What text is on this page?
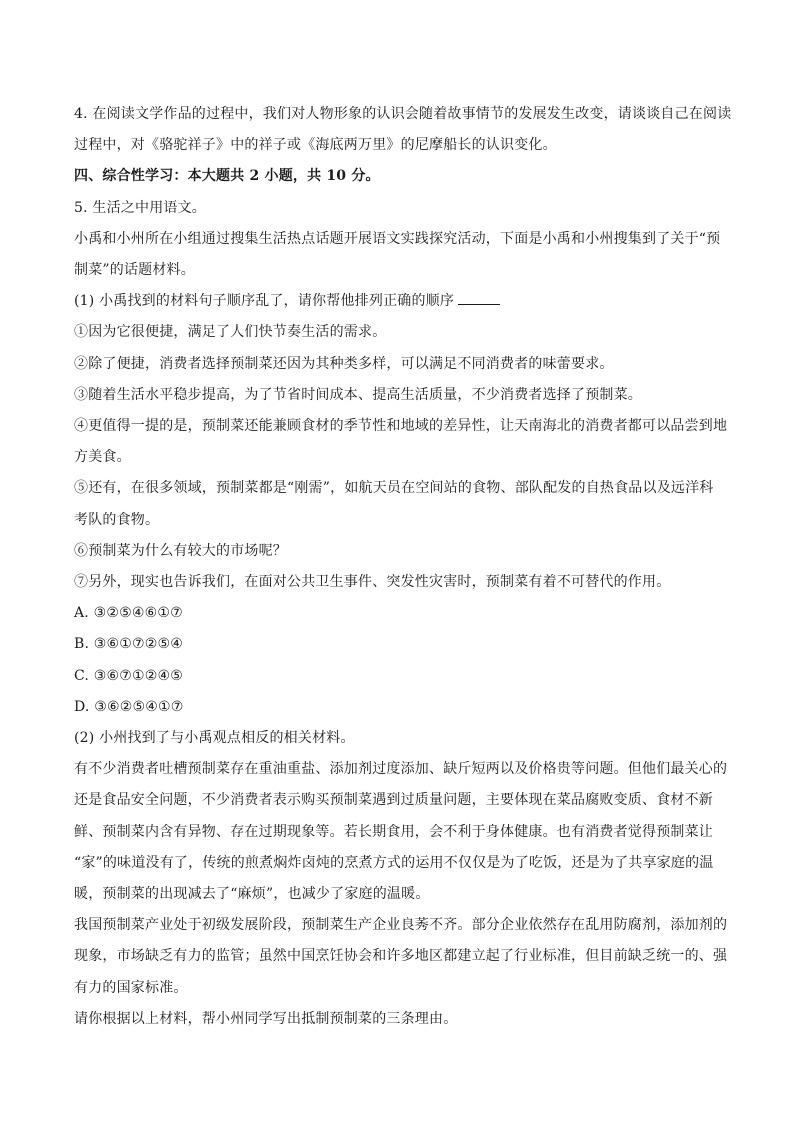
4. 在阅读文学作品的过程中，我们对人物形象的认识会随着故事情节的发展发生改变，请谈谈自己在阅读

过程中，对《骆驼祥子》中的祥子或《海底两万里》的尼摩船长的认识变化。

四、综合性学习：本大题共 2 小题，共 10 分。

5. 生活之中用语文。

小禹和小州所在小组通过搜集生活热点话题开展语文实践探究活动，下面是小禹和小州搜集到了关于“预

制菜”的话题材料。

(1) 小禹找到的材料句子顺序乱了，请你帮他排列正确的顺序

①因为它很便捷，满足了人们快节奏生活的需求。

②除了便捷，消费者选择预制菜还因为其种类多样，可以满足不同消费者的味蕾要求。

③随着生活水平稳步提高，为了节省时间成本、提高生活质量，不少消费者选择了预制菜。

④更值得一提的是，预制菜还能兼顾食材的季节性和地域的差异性，让天南海北的消费者都可以品尝到地

方美食。

⑤还有，在很多领域，预制菜都是“刚需”，如航天员在空间站的食物、部队配发的自热食品以及远洋科

考队的食物。

⑥预制菜为什么有较大的市场呢？

⑦另外，现实也告诉我们，在面对公共卫生事件、突发性灾害时，预制菜有着不可替代的作用。

A. ③②⑤④⑥①⑦

B. ③⑥①⑦②⑤④

C. ③⑥⑦①②④⑤

D. ③⑥②⑤④①⑦

(2) 小州找到了与小禹观点相反的相关材料。

有不少消费者吐槽预制菜存在重油重盐、添加剂过度添加、缺斤短两以及价格贵等问题。但他们最关心的

还是食品安全问题，不少消费者表示购买预制菜遇到过质量问题，主要体现在菜品腐败变质、食材不新

鲜、预制菜内含有异物、存在过期现象等。若长期食用，会不利于身体健康。也有消费者觉得预制菜让

“家”的味道没有了，传统的煎煮焖炸卤炖的烹煮方式的运用不仅仅是为了吃饭，还是为了共享家庭的温

暖，预制菜的出现减去了“麻烦”，也减少了家庭的温暖。

我国预制菜产业处于初级发展阶段，预制菜生产企业良莠不齐。部分企业依然存在乱用防腐剂，添加剂的

现象，市场缺乏有力的监管；虽然中国烹饪协会和许多地区都建立起了行业标准，但目前缺乏统一的、强

有力的国家标准。

请你根据以上材料，帮小州同学写出抵制预制菜的三条理由。
